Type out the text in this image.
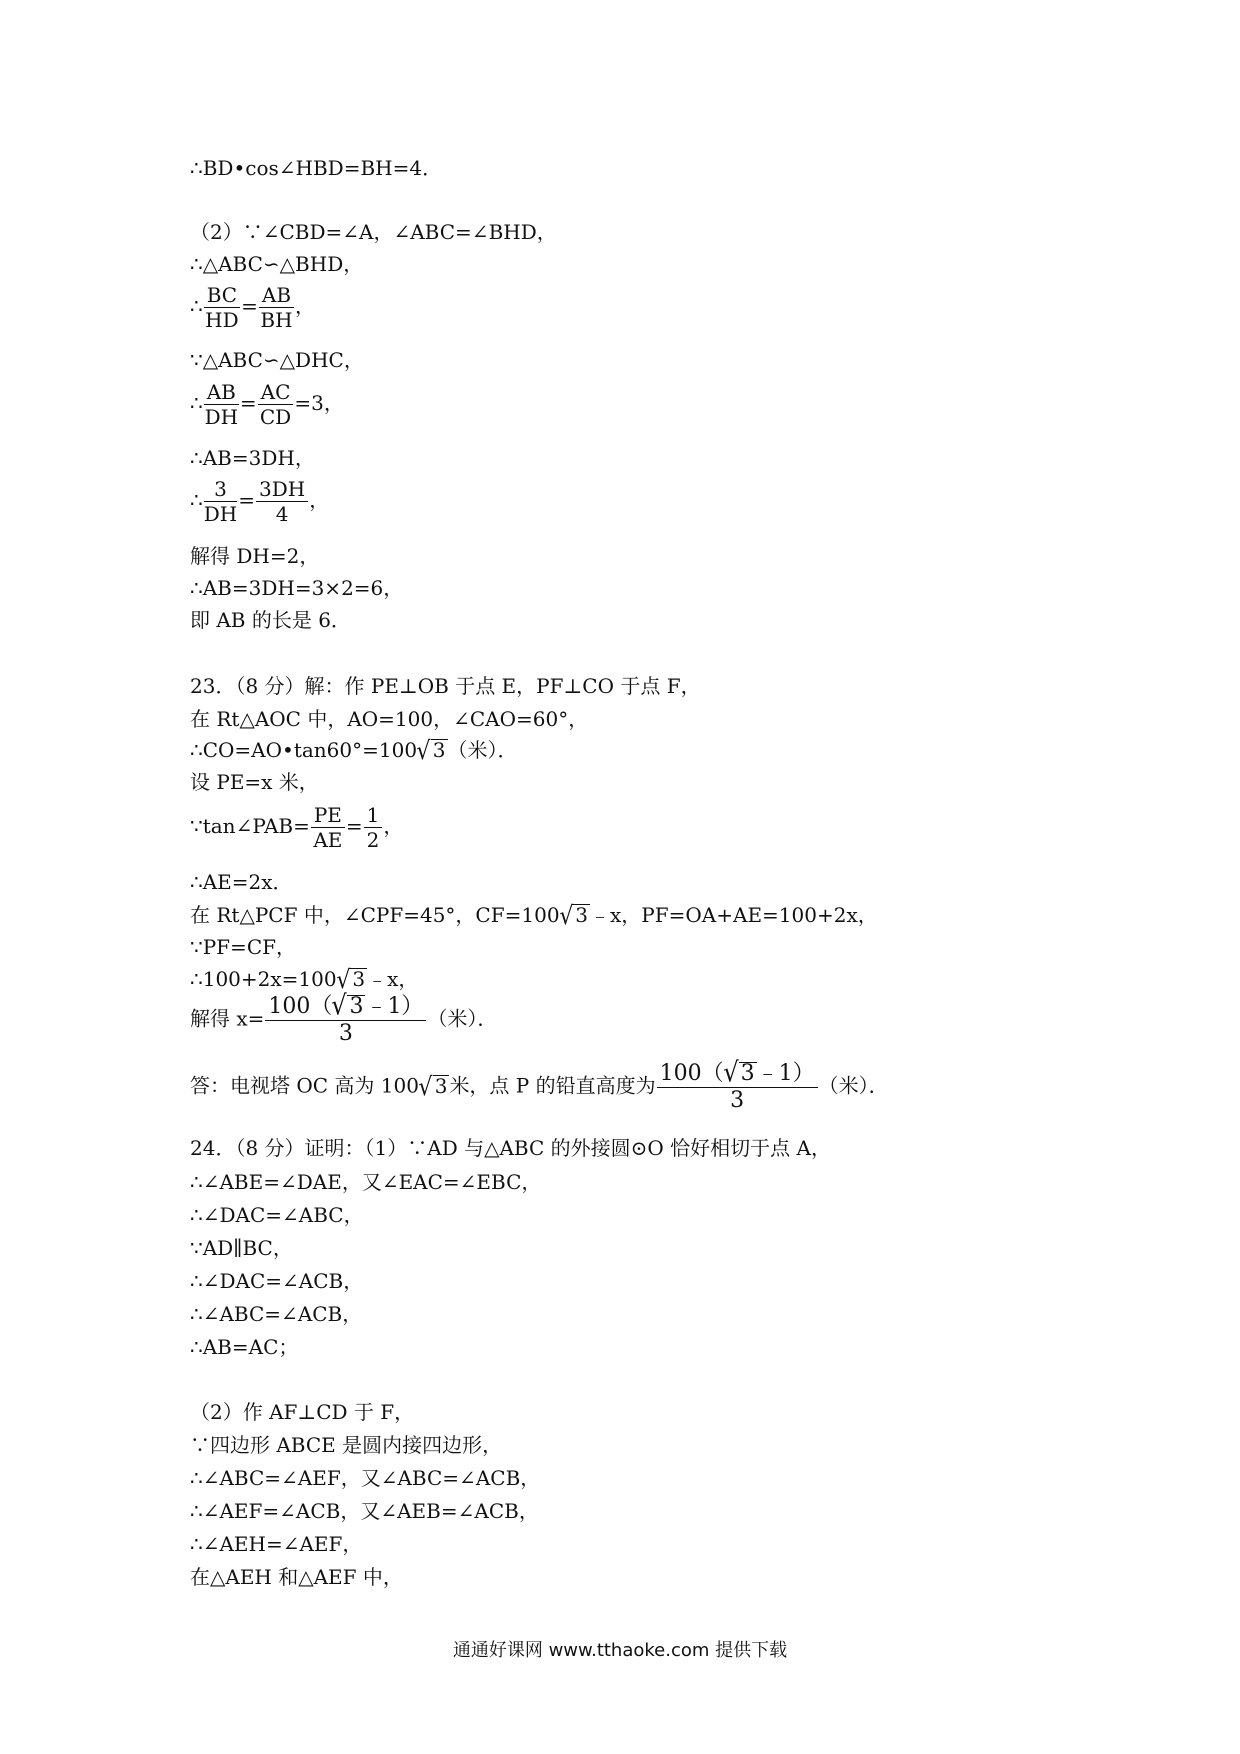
∴BD•cos∠HBD=BH=4．
（2）∵∠CBD=∠A，∠ABC=∠BHD，
∴△ABC∽△BHD，
∴ $\frac{BC}{HD} = \frac{AB}{BH}$ ，
∵△ABC∽△DHC，
∴ $\frac{AB}{DH} = \frac{AC}{CD} =3$，
∴AB=3DH，
∴ $\frac{3}{DH} = \frac{3DH}{4}$ ，
解得 DH=2，
∴AB=3DH=3×2=6，
即 AB 的长是 6．
23．（8 分）解：作 PE⊥OB 于点 E，PF⊥CO 于点 F，
在 Rt△AOC 中，AO=100，∠CAO=60°，
∴CO=AO•tan60°=100√ 3 （米）．
设 PE=x 米，
∵tan∠PAB= $\frac{PE}{AE} = \frac{1}{2}$ ，
∴AE=2x．
在 Rt△PCF 中，∠CPF=45°，CF=100√ 3 ﹣x，PF=OA+AE=100+2x，
∵PF=CF，
∴100+2x=100√ 3 ﹣x，
解得 $x= \frac{100(√ 3﹣1)}{3}$ （米）．
答：电视塔 OC 高为 100√ 3 米，点 P 的铅直高度为 $\frac{100(√ 3﹣1)}{3}$ （米）．
24．（8 分）证明：（1）∵AD 与△ABC 的外接圆⊙O 恰好相切于点 A，
∴∠ABE=∠DAE，又∠EAC=∠EBC，
∴∠DAC=∠ABC，
∵AD∥BC，
∴∠DAC=∠ACB，
∴∠ABC=∠ACB，
∴AB=AC；
（2）作 AF⊥CD 于 F，
∵四边形 ABCE 是圆内接四边形，
∴∠ABC=∠AEF，又∠ABC=∠ACB，
∴∠AEF=∠ACB，又∠AEB=∠ACB，
∴∠AEH=∠AEF，
在△AEH 和△AEF 中，
通通好课网 www.tthaoke.com 提供下载
